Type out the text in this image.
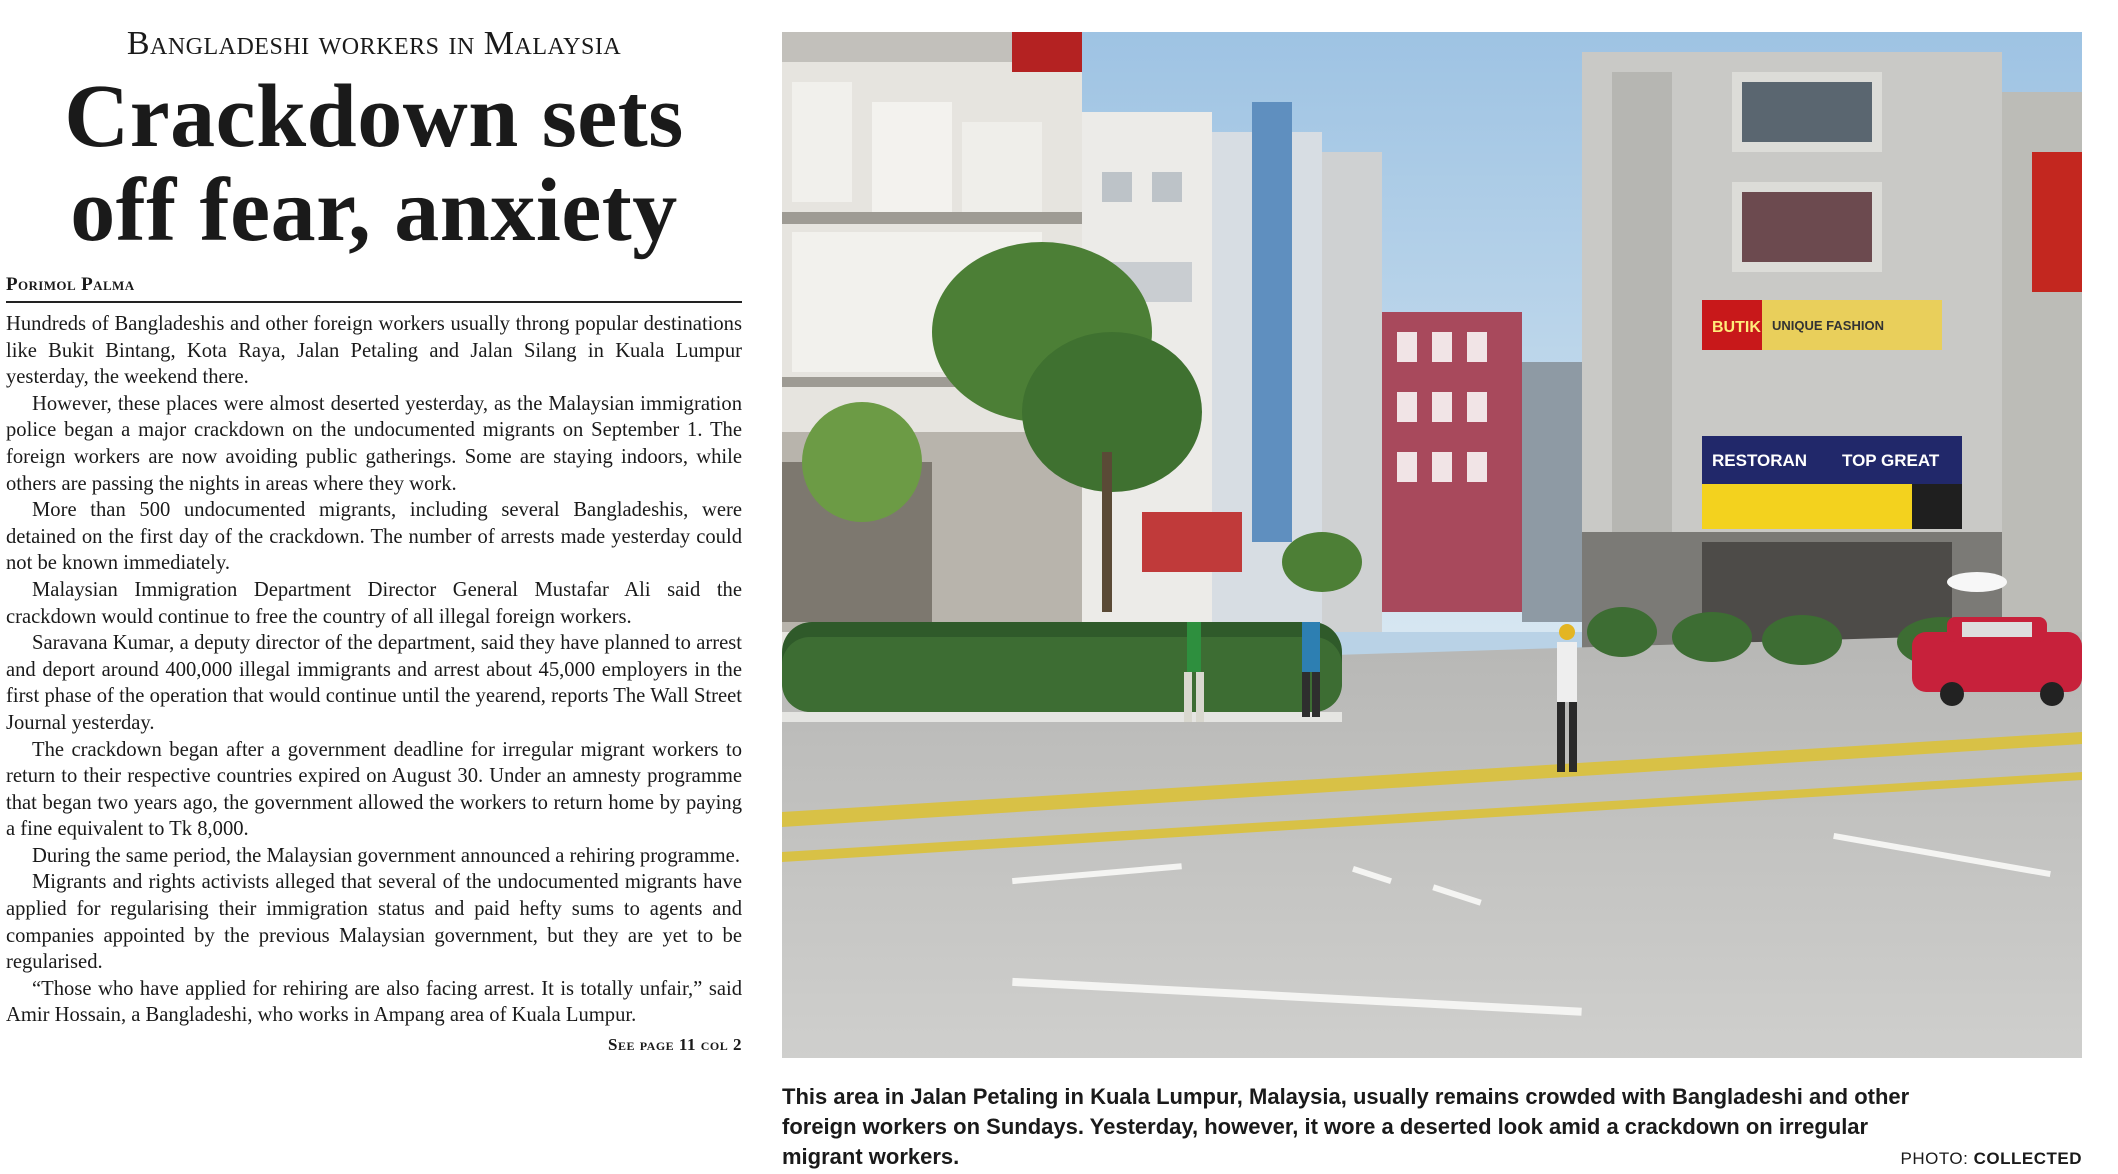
Bangladeshi workers in Malaysia
Crackdown sets
off fear, anxiety
Porimol Palma

Hundreds of Bangladeshis and other foreign workers usually throng popular destinations like Bukit Bintang, Kota Raya, Jalan Petaling and Jalan Silang in Kuala Lumpur yesterday, the weekend there.

However, these places were almost deserted yesterday, as the Malaysian immigration police began a major crackdown on the undocumented migrants on September 1. The foreign workers are now avoiding public gatherings. Some are staying indoors, while others are passing the nights in areas where they work.

More than 500 undocumented migrants, including several Bangladeshis, were detained on the first day of the crackdown. The number of arrests made yesterday could not be known immediately.

Malaysian Immigration Department Director General Mustafar Ali said the crackdown would continue to free the country of all illegal foreign workers.

Saravana Kumar, a deputy director of the department, said they have planned to arrest and deport around 400,000 illegal immigrants and arrest about 45,000 employers in the first phase of the operation that would continue until the yearend, reports The Wall Street Journal yesterday.

The crackdown began after a government deadline for irregular migrant workers to return to their respective countries expired on August 30. Under an amnesty programme that began two years ago, the government allowed the workers to return home by paying a fine equivalent to Tk 8,000.

During the same period, the Malaysian government announced a rehiring programme.

Migrants and rights activists alleged that several of the undocumented migrants have applied for regularising their immigration status and paid hefty sums to agents and companies appointed by the previous Malaysian government, but they are yet to be regularised.

“Those who have applied for rehiring are also facing arrest. It is totally unfair,” said Amir Hossain, a Bangladeshi, who works in Ampang area of Kuala Lumpur.

See page 11 col 2
BUTIK UNIQUE FASHION
RESTORAN TOP GREAT
This area in Jalan Petaling in Kuala Lumpur, Malaysia, usually remains crowded with Bangladeshi and other foreign workers on Sundays. Yesterday, however, it wore a deserted look amid a crackdown on irregular migrant workers.	PHOTO: COLLECTED
